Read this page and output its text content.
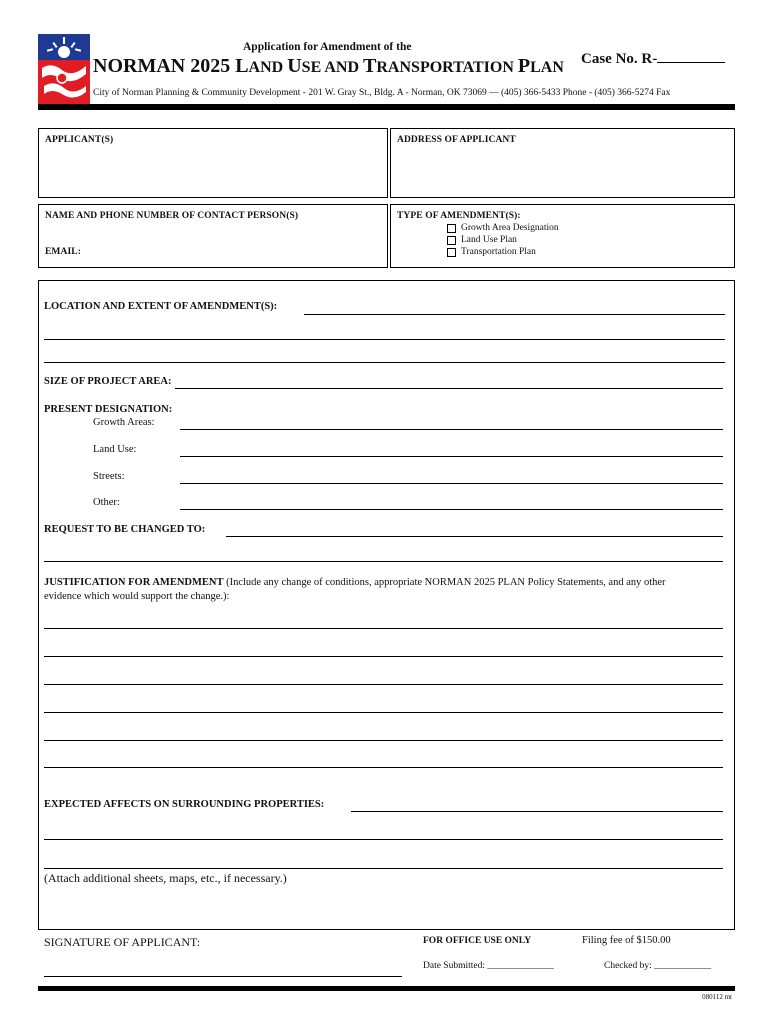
Application for Amendment of the
NORMAN 2025 LAND USE AND TRANSPORTATION PLAN Case No. R-
City of Norman Planning & Community Development - 201 W. Gray St., Bldg. A - Norman, OK 73069 — (405) 366-5433 Phone - (405) 366-5274 Fax
APPLICANT(S)	ADDRESS OF APPLICANT
NAME AND PHONE NUMBER OF CONTACT PERSON(S)
EMAIL:
TYPE OF AMENDMENT(S):
Growth Area Designation
Land Use Plan
Transportation Plan
LOCATION AND EXTENT OF AMENDMENT(S):
SIZE OF PROJECT AREA:
PRESENT DESIGNATION:
Growth Areas:
Land Use:
Streets:
Other:
REQUEST TO BE CHANGED TO:
JUSTIFICATION FOR AMENDMENT (Include any change of conditions, appropriate NORMAN 2025 PLAN Policy Statements, and any other
evidence which would support the change.):
EXPECTED AFFECTS ON SURROUNDING PROPERTIES:
(Attach additional sheets, maps, etc., if necessary.)
SIGNATURE OF APPLICANT:	FOR OFFICE USE ONLY	Filing fee of $150.00
Date Submitted: ______________	Checked by: ____________
080112 mt
